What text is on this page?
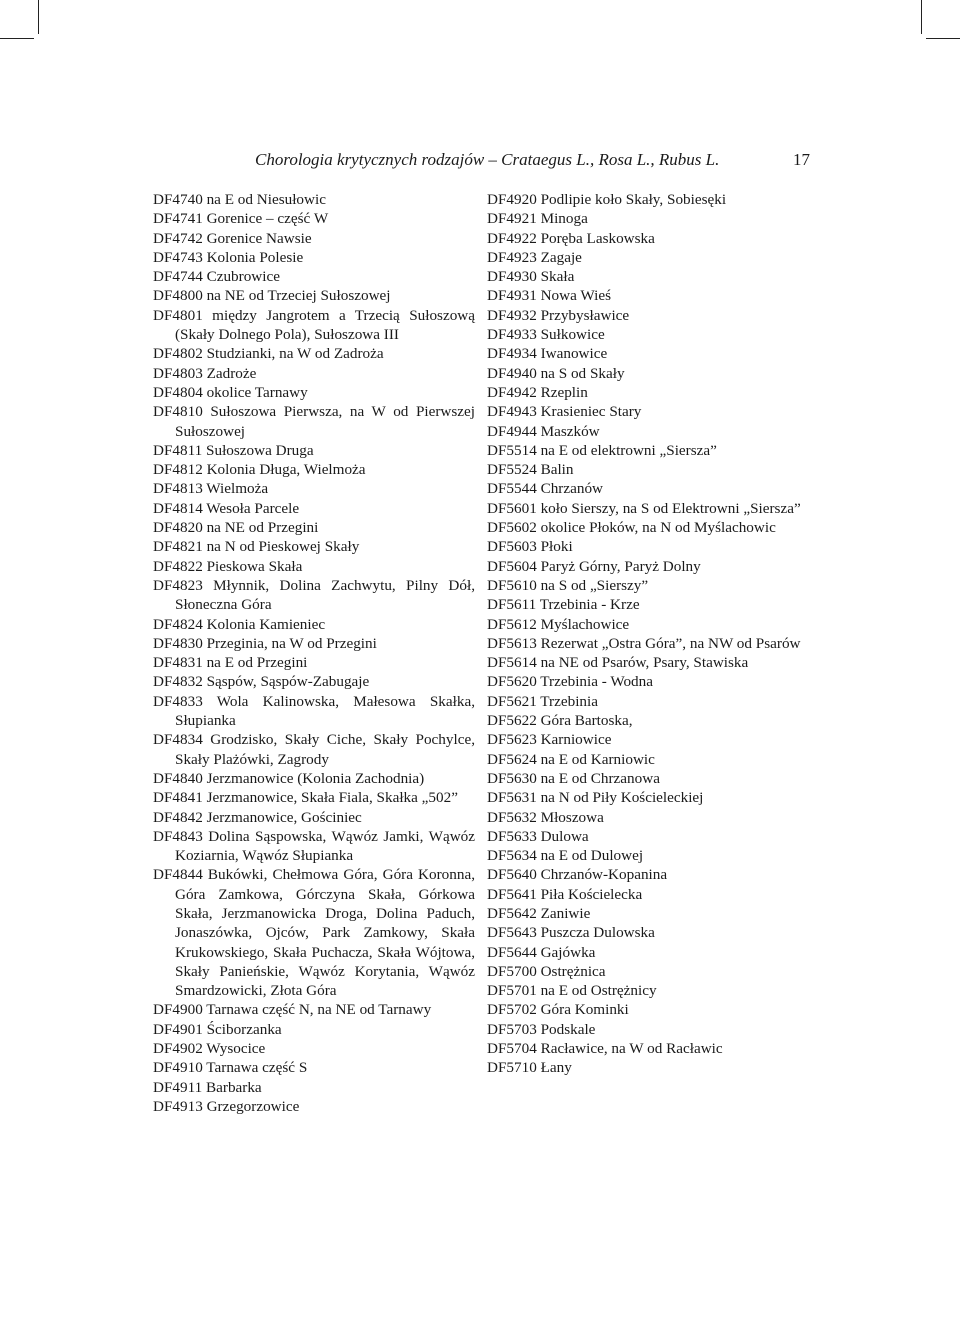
Chorologia krytycznych rodzajów – Crataegus L., Rosa L., Rubus L.	17
DF4740 na E od Niesułowic
DF4741 Gorenice – część W
DF4742 Gorenice Nawsie
DF4743 Kolonia Polesie
DF4744 Czubrowice
DF4800 na NE od Trzeciej Sułoszowej
DF4801 między Jangrotem a Trzecią Sułoszową (Skały Dolnego Pola), Sułoszowa III
DF4802 Studzianki, na W od Zadroża
DF4803 Zadroże
DF4804 okolice Tarnawy
DF4810 Sułoszowa Pierwsza, na W od Pierwszej Sułoszowej
DF4811 Sułoszowa Druga
DF4812 Kolonia Długa, Wielmoża
DF4813 Wielmoża
DF4814 Wesoła Parcele
DF4820 na NE od Przegini
DF4821 na N od Pieskowej Skały
DF4822 Pieskowa Skała
DF4823 Młynnik, Dolina Zachwytu, Pilny Dół, Słoneczna Góra
DF4824 Kolonia Kamieniec
DF4830 Przeginia, na W od Przegini
DF4831 na E od Przegini
DF4832 Sąspów, Sąspów-Zabugaje
DF4833 Wola Kalinowska, Małesowa Skałka, Słupianka
DF4834 Grodzisko, Skały Ciche, Skały Pochylce, Skały Plażówki, Zagrody
DF4840 Jerzmanowice (Kolonia Zachodnia)
DF4841 Jerzmanowice, Skała Fiala, Skałka „502”
DF4842 Jerzmanowice, Gościniec
DF4843 Dolina Sąspowska, Wąwóz Jamki, Wąwóz Koziarnia, Wąwóz Słupianka
DF4844 Bukówki, Chełmowa Góra, Góra Koronna, Góra Zamkowa, Górczyna Skała, Górkowa Skała, Jerzmanowicka Droga, Dolina Paduch, Jonaszówka, Ojców, Park Zamkowy, Skała Krukowskiego, Skała Puchacza, Skała Wójtowa, Skały Panieńskie, Wąwóz Korytania, Wąwóz Smardzowicki, Złota Góra
DF4900 Tarnawa część N, na NE od Tarnawy
DF4901 Ściborzanka
DF4902 Wysocice
DF4910 Tarnawa część S
DF4911 Barbarka
DF4913 Grzegorzowice
DF4920 Podlipie koło Skały, Sobiesęki
DF4921 Minoga
DF4922 Poręba Laskowska
DF4923 Zagaje
DF4930 Skała
DF4931 Nowa Wieś
DF4932 Przybysławice
DF4933 Sułkowice
DF4934 Iwanowice
DF4940 na S od Skały
DF4942 Rzeplin
DF4943 Krasieniec Stary
DF4944 Maszków
DF5514 na E od elektrowni „Siersza”
DF5524 Balin
DF5544 Chrzanów
DF5601 koło Sierszy, na S od Elektrowni „Siersza”
DF5602 okolice Płoków, na N od Myślachowic
DF5603 Płoki
DF5604 Paryż Górny, Paryż Dolny
DF5610 na S od „Sierszy”
DF5611 Trzebinia - Krze
DF5612 Myślachowice
DF5613 Rezerwat „Ostra Góra”, na NW od Psarów
DF5614 na NE od Psarów, Psary, Stawiska
DF5620 Trzebinia - Wodna
DF5621 Trzebinia
DF5622 Góra Bartoska,
DF5623 Karniowice
DF5624 na E od Karniowic
DF5630 na E od Chrzanowa
DF5631 na N od Piły Kościeleckiej
DF5632 Młoszowa
DF5633 Dulowa
DF5634 na E od Dulowej
DF5640 Chrzanów-Kopanina
DF5641 Piła Kościelecka
DF5642 Zaniwie
DF5643 Puszcza Dulowska
DF5644 Gajówka
DF5700 Ostrężnica
DF5701 na E od Ostrężnicy
DF5702 Góra Kominki
DF5703 Podskale
DF5704 Racławice, na W od Racławic
DF5710 Łany
